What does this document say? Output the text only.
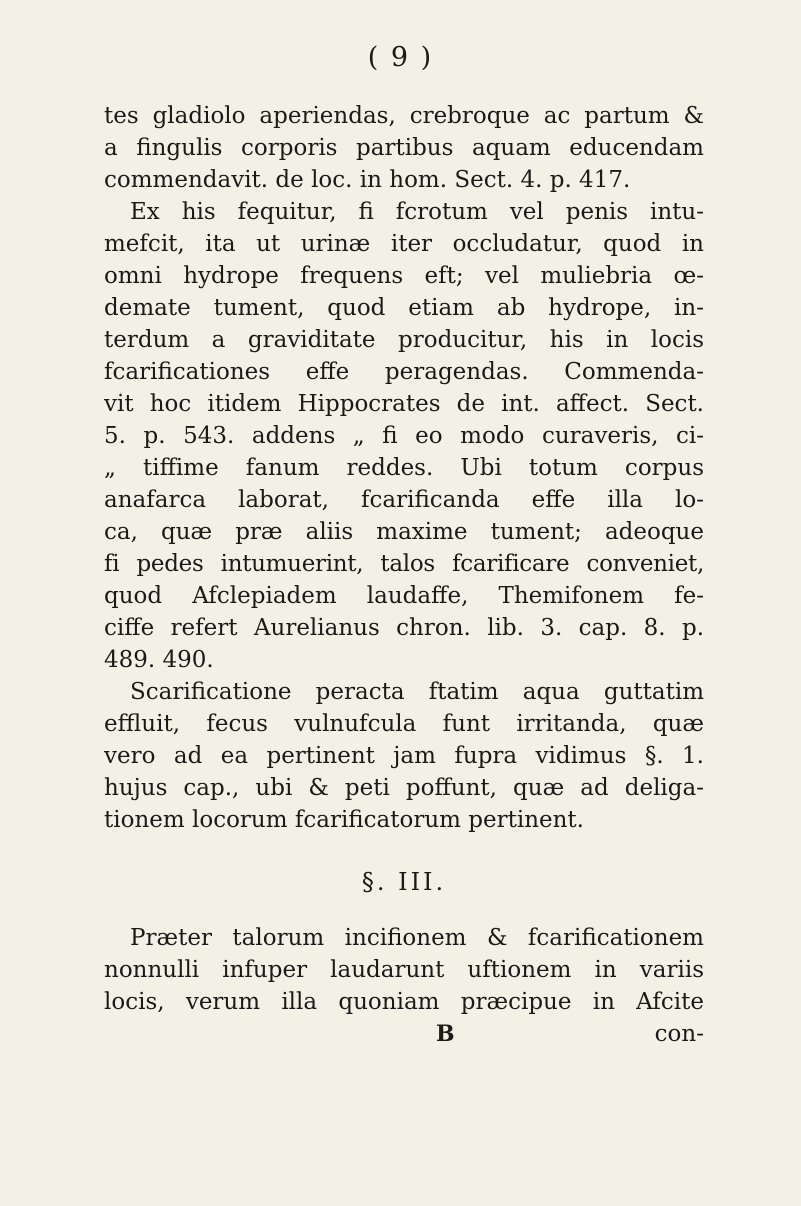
( 9 )
tes gladiolo aperiendas, crebroque ac partum &
a fingulis corporis partibus aquam educendam
commendavit. de loc. in hom. Sect. 4. p. 417.
Ex his fequitur, fi fcrotum vel penis intu-
mefcit, ita ut urinæ iter occludatur, quod in
omni hydrope frequens eft; vel muliebria œ-
demate tument, quod etiam ab hydrope, in-
terdum a graviditate producitur, his in locis
fcarificationes effe peragendas. Commenda-
vit hoc itidem Hippocrates de int. affect. Sect.
5. p. 543. addens „ fi eo modo curaveris, ci-
„ tiffime fanum reddes. Ubi totum corpus
anafarca laborat, fcarificanda effe illa lo-
ca, quæ præ aliis maxime tument; adeoque
fi pedes intumuerint, talos fcarificare conveniet,
quod Afclepiadem laudaffe, Themifonem fe-
ciffe refert Aurelianus chron. lib. 3. cap. 8. p.
489. 490.
Scarificatione peracta ftatim aqua guttatim
effluit, fecus vulnufcula funt irritanda, quæ
vero ad ea pertinent jam fupra vidimus §. 1.
hujus cap., ubi & peti poffunt, quæ ad deliga-
tionem locorum fcarificatorum pertinent.
§. III.
Præter talorum incifionem & fcarificationem
nonnulli infuper laudarunt uftionem in variis
locis, verum illa quoniam præcipue in Afcite
B	con-
